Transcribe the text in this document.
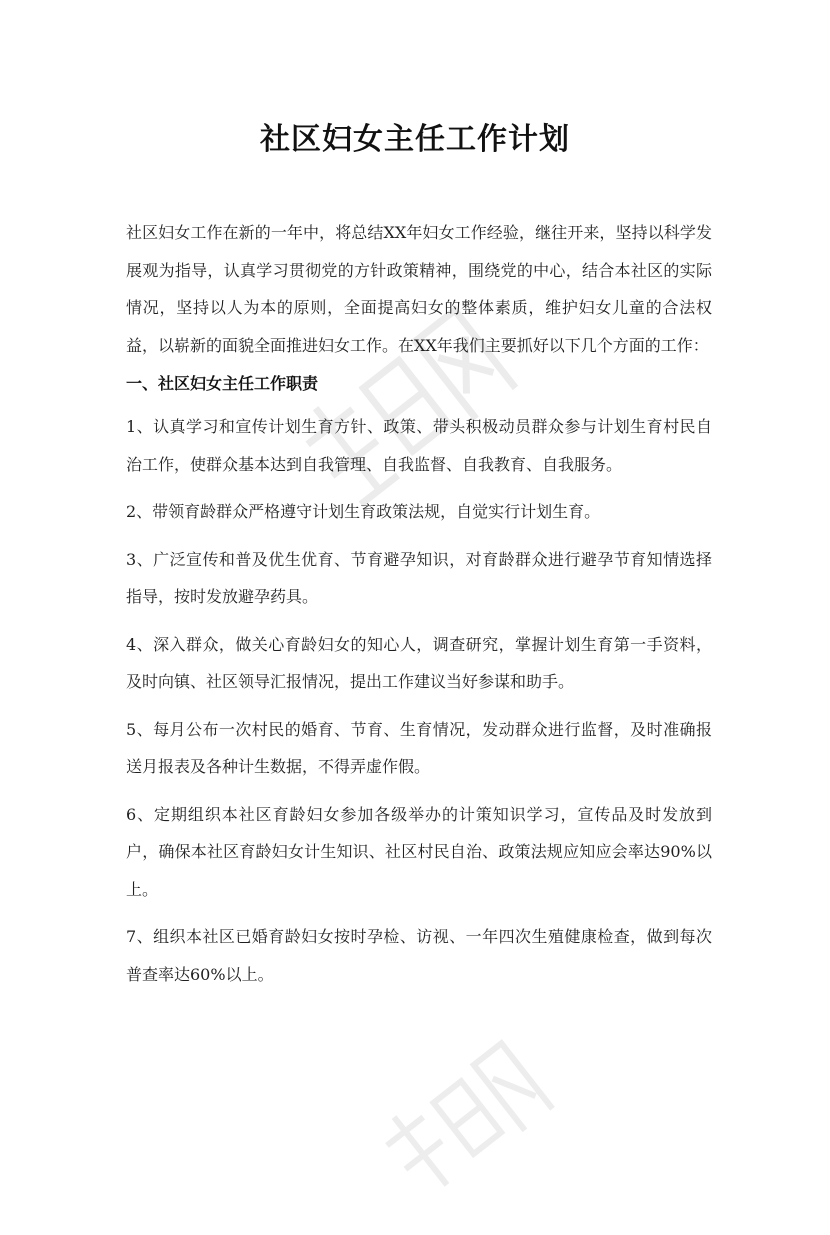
社区妇女主任工作计划

社区妇女工作在新的一年中，将总结XX年妇女工作经验，继往开来，坚持以科学发展观为指导，认真学习贯彻党的方针政策精神，围绕党的中心，结合本社区的实际情况，坚持以人为本的原则，全面提高妇女的整体素质，维护妇女儿童的合法权益，以崭新的面貌全面推进妇女工作。在XX年我们主要抓好以下几个方面的工作：

一、社区妇女主任工作职责

1、认真学习和宣传计划生育方针、政策、带头积极动员群众参与计划生育村民自治工作，使群众基本达到自我管理、自我监督、自我教育、自我服务。

2、带领育龄群众严格遵守计划生育政策法规，自觉实行计划生育。

3、广泛宣传和普及优生优育、节育避孕知识，对育龄群众进行避孕节育知情选择指导，按时发放避孕药具。

4、深入群众，做关心育龄妇女的知心人，调查研究，掌握计划生育第一手资料，及时向镇、社区领导汇报情况，提出工作建议当好参谋和助手。

5、每月公布一次村民的婚育、节育、生育情况，发动群众进行监督，及时准确报送月报表及各种计生数据，不得弄虚作假。

6、定期组织本社区育龄妇女参加各级举办的计策知识学习，宣传品及时发放到户，确保本社区育龄妇女计生知识、社区村民自治、政策法规应知应会率达90%以上。

7、组织本社区已婚育龄妇女按时孕检、访视、一年四次生殖健康检查，做到每次普查率达60%以上。
